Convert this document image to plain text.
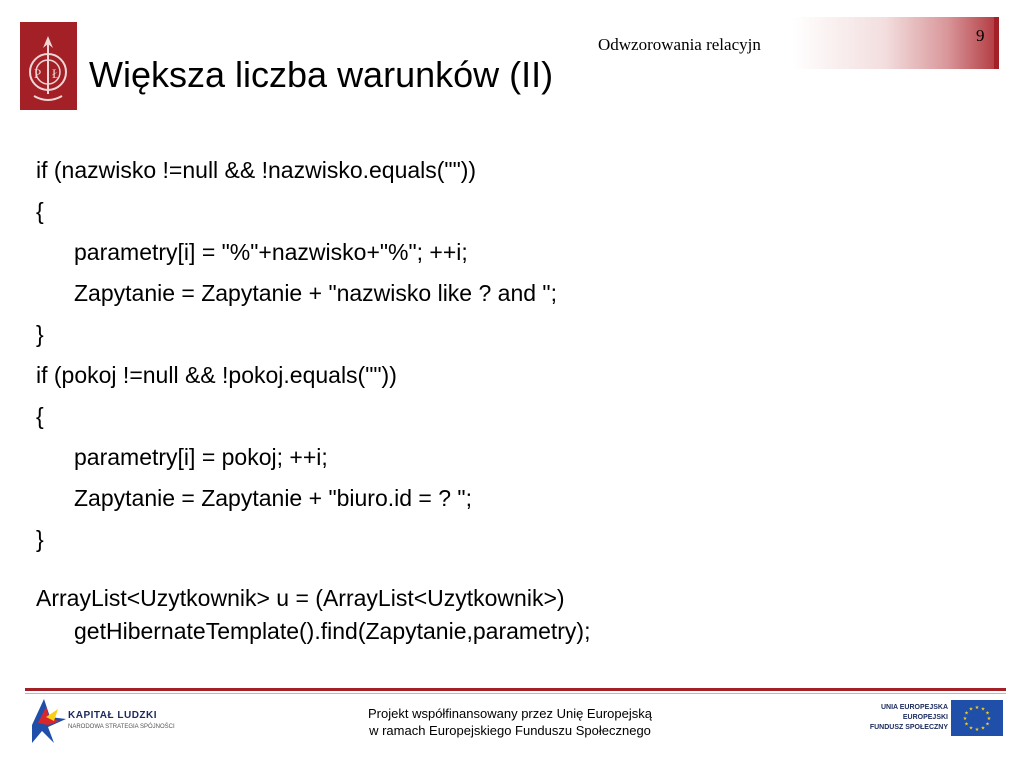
P Ł
Odwzorowania relacyjn	9
Większa liczba warunków (II)
if (nazwisko !=null && !nazwisko.equals(""))
{
parametry[i] = "%"+nazwisko+"%"; ++i;
Zapytanie = Zapytanie + "nazwisko like ? and ";
}
if (pokoj !=null && !pokoj.equals(""))
{
parametry[i] = pokoj; ++i;
Zapytanie = Zapytanie + "biuro.id = ? ";
}
ArrayList<Uzytkownik> u = (ArrayList<Uzytkownik>)
getHibernateTemplate().find(Zapytanie,parametry);
KAPITAŁ LUDZKI
NARODOWA STRATEGIA SPÓJNOŚCI
Projekt współfinansowany przez Unię Europejską
w ramach Europejskiego Funduszu Społecznego
UNIA EUROPEJSKA
EUROPEJSKI
FUNDUSZ SPOŁECZNY
★ ★
★
★
★
★
★
★
★
★
★
★
